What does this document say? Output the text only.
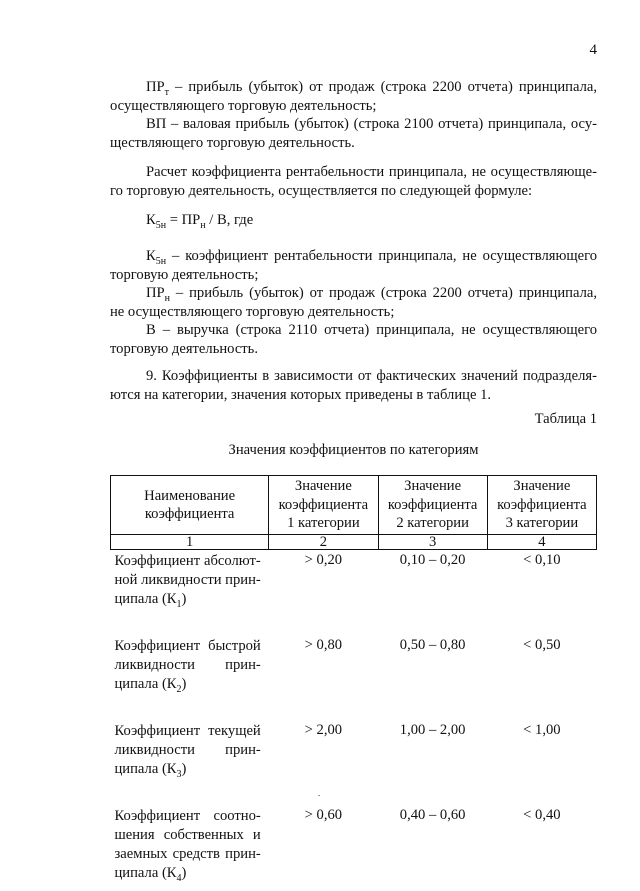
4
$ПР_т$ – прибыль (убыток) от продаж (строка 2200 отчета) принципала,
осуществляющего торговую деятельность;
ВП – валовая прибыль (убыток) (строка 2100 отчета) принципала, осу-
ществляющего торговую деятельность.
Расчет коэффициента рентабельности принципала, не осуществляюще-
го торговую деятельность, осуществляется по следующей формуле:
$К_{5н} = ПР_н / В$, где
$К_{5н}$ – коэффициент рентабельности принципала, не осуществляющего
торговую деятельность;
$ПР_н$ – прибыль (убыток) от продаж (строка 2200 отчета) принципала,
не осуществляющего торговую деятельность;
В – выручка (строка 2110 отчета) принципала, не осуществляющего
торговую деятельность.
9. Коэффициенты в зависимости от фактических значений подразделя-
ются на категории, значения которых приведены в таблице 1.
Таблица 1
Значения коэффициентов по категориям
Наименование
коэффициента	Значение
коэффициента
1 категории	Значение
коэффициента
2 категории	Значение
коэффициента
3 категории
1	2	3	4

Коэффициент абсолют-
ной ликвидности прин-
ципала $(К_1)$	> 0,20	0,10 – 0,20	< 0,10

Коэффициент быстрой
ликвидности прин-
ципала $(К_2)$	> 0,80	0,50 – 0,80	< 0,50

Коэффициент текущей
ликвидности прин-
ципала $(К_3)$	> 2,00	1,00 – 2,00	< 1,00

Коэффициент соотно-
шения собственных и
заемных средств прин-
ципала $(К_4)$	> 0,60	0,40 – 0,60	< 0,40
